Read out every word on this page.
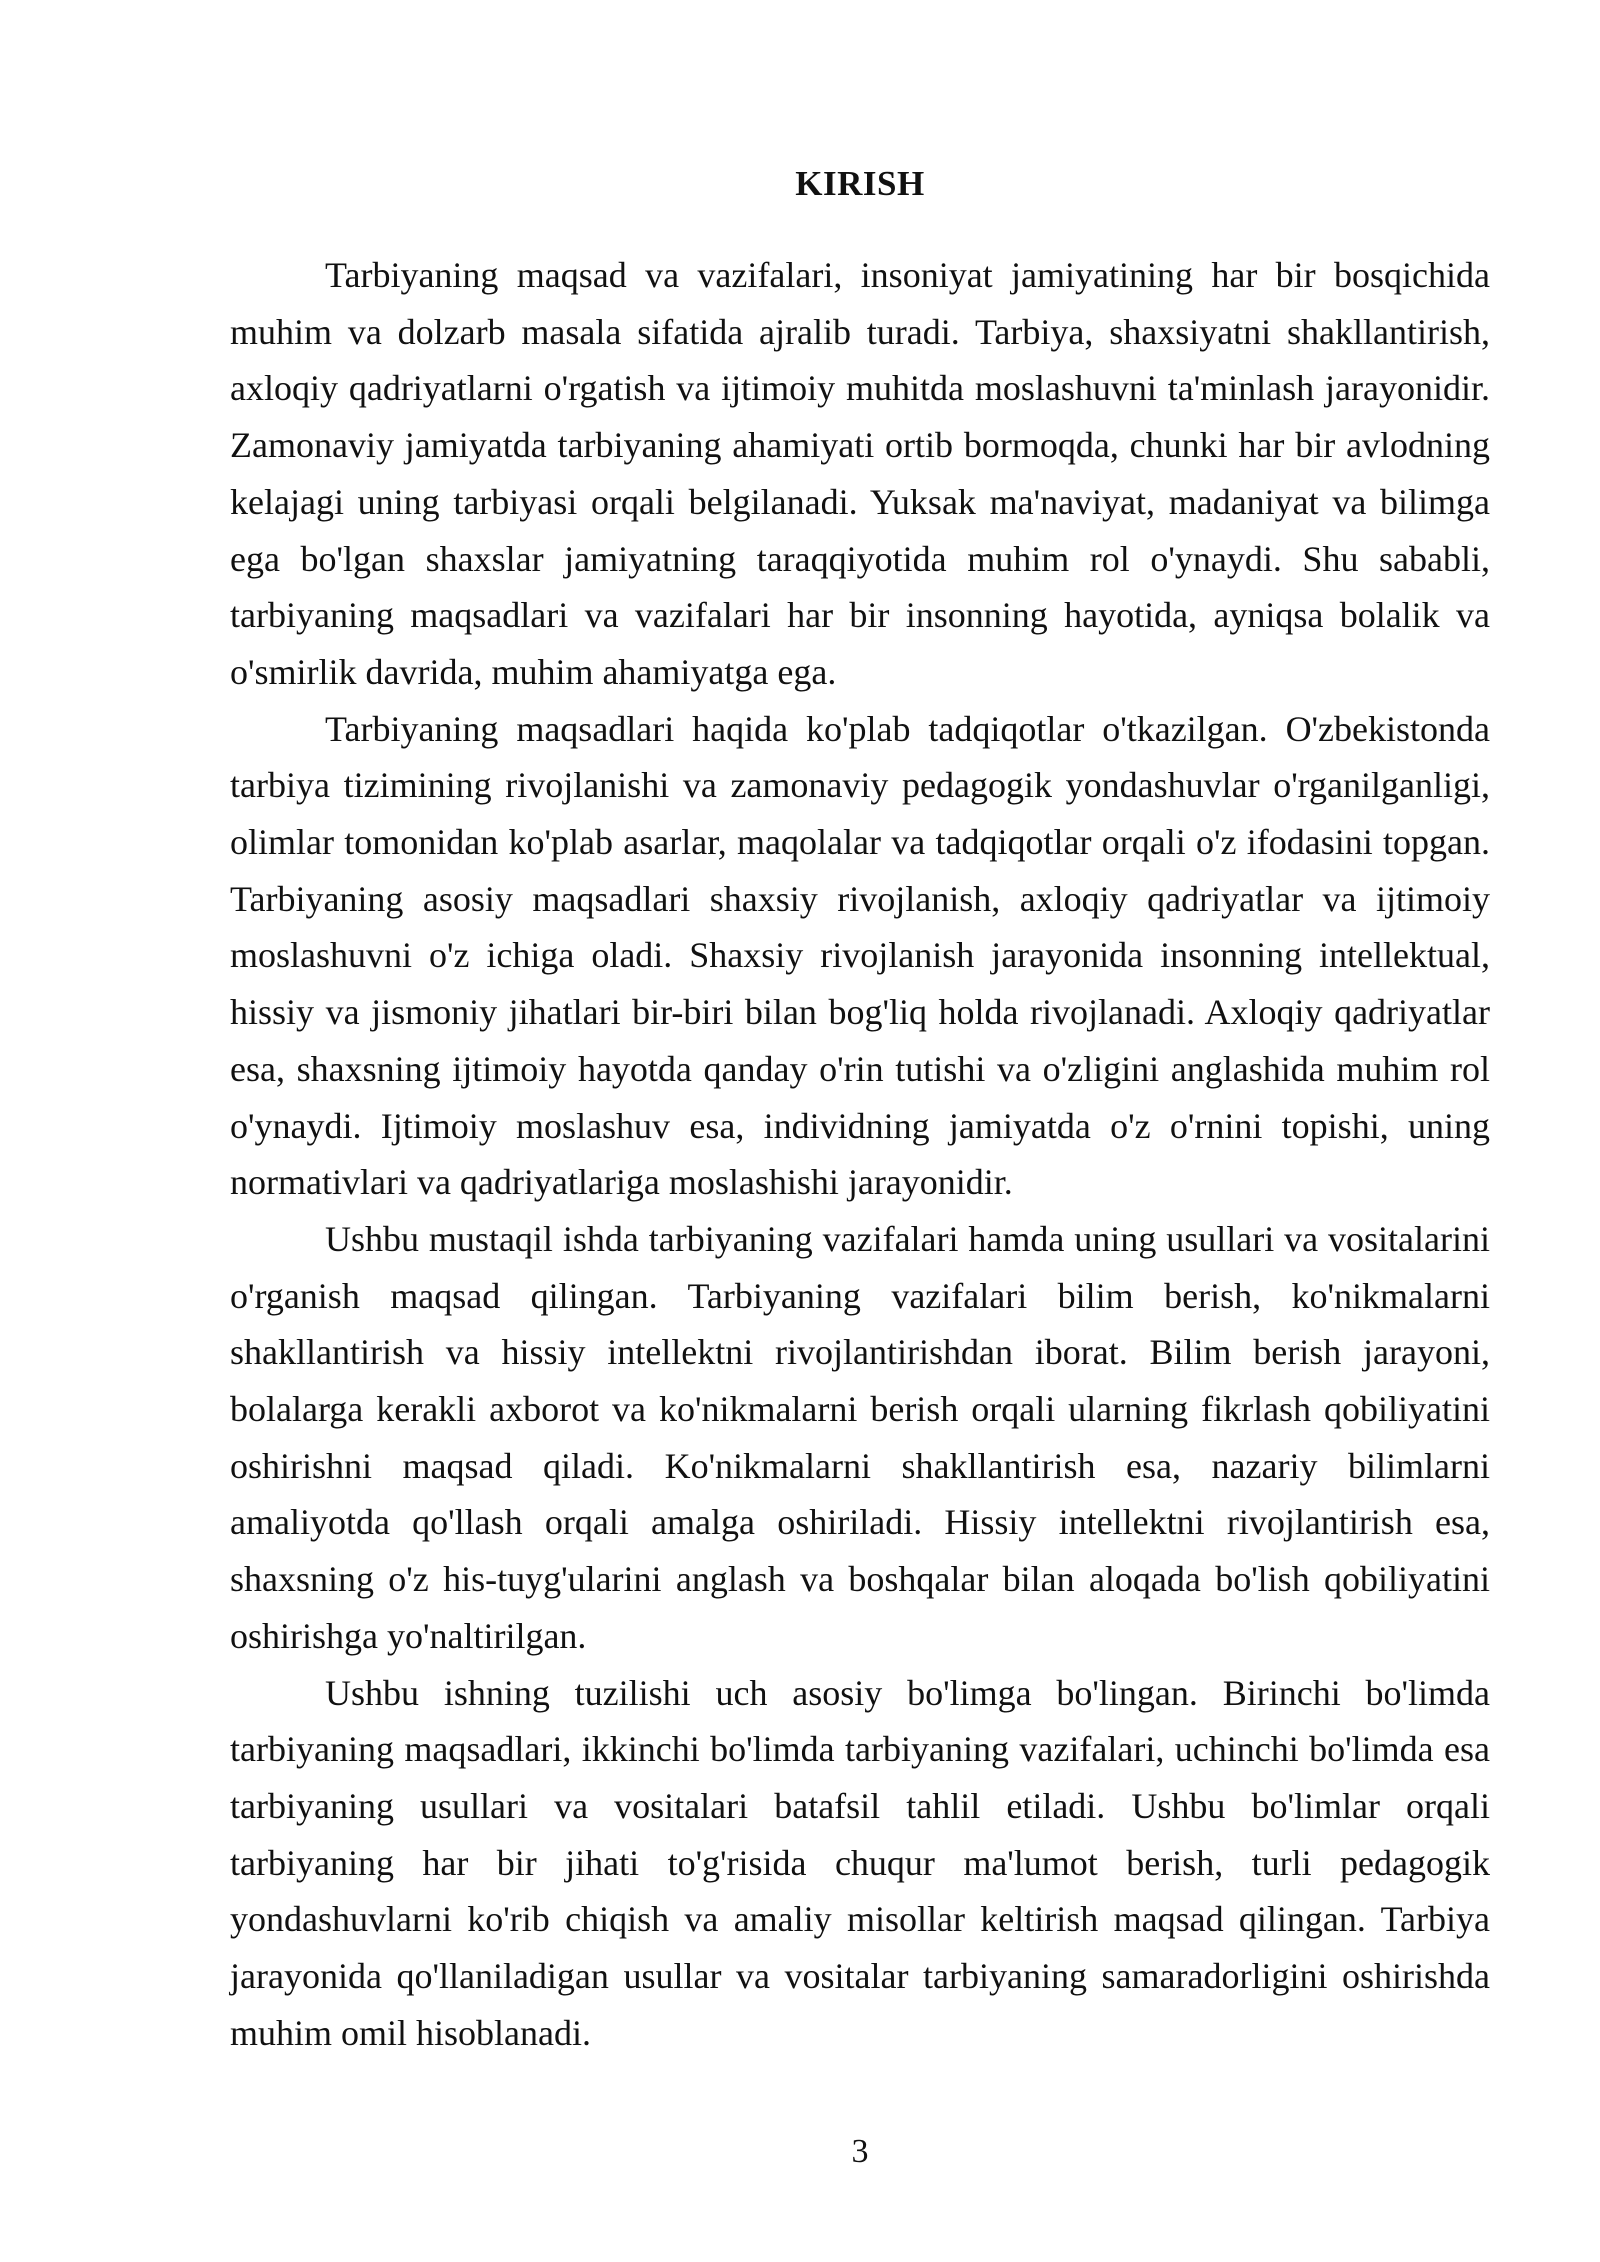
KIRISH

Tarbiyaning maqsad va vazifalari, insoniyat jamiyatining har bir bosqichida muhim va dolzarb masala sifatida ajralib turadi. Tarbiya, shaxsiyatni shakllantirish, axloqiy qadriyatlarni o'rgatish va ijtimoiy muhitda moslashuvni ta'minlash jarayonidir. Zamonaviy jamiyatda tarbiyaning ahamiyati ortib bormoqda, chunki har bir avlodning kelajagi uning tarbiyasi orqali belgilanadi. Yuksak ma'naviyat, madaniyat va bilimga ega bo'lgan shaxslar jamiyatning taraqqiyotida muhim rol o'ynaydi. Shu sababli, tarbiyaning maqsadlari va vazifalari har bir insonning hayotida, ayniqsa bolalik va o'smirlik davrida, muhim ahamiyatga ega.

Tarbiyaning maqsadlari haqida ko'plab tadqiqotlar o'tkazilgan. O'zbekistonda tarbiya tizimining rivojlanishi va zamonaviy pedagogik yondashuvlar o'rganilganligi, olimlar tomonidan ko'plab asarlar, maqolalar va tadqiqotlar orqali o'z ifodasini topgan. Tarbiyaning asosiy maqsadlari shaxsiy rivojlanish, axloqiy qadriyatlar va ijtimoiy moslashuvni o'z ichiga oladi. Shaxsiy rivojlanish jarayonida insonning intellektual, hissiy va jismoniy jihatlari bir-biri bilan bog'liq holda rivojlanadi. Axloqiy qadriyatlar esa, shaxsning ijtimoiy hayotda qanday o'rin tutishi va o'zligini anglashida muhim rol o'ynaydi. Ijtimoiy moslashuv esa, individning jamiyatda o'z o'rnini topishi, uning normativlari va qadriyatlariga moslashishi jarayonidir.

Ushbu mustaqil ishda tarbiyaning vazifalari hamda uning usullari va vositalarini o'rganish maqsad qilingan. Tarbiyaning vazifalari bilim berish, ko'nikmalarni shakllantirish va hissiy intellektni rivojlantirishdan iborat. Bilim berish jarayoni, bolalarga kerakli axborot va ko'nikmalarni berish orqali ularning fikrlash qobiliyatini oshirishni maqsad qiladi. Ko'nikmalarni shakllantirish esa, nazariy bilimlarni amaliyotda qo'llash orqali amalga oshiriladi. Hissiy intellektni rivojlantirish esa, shaxsning o'z his-tuyg'ularini anglash va boshqalar bilan aloqada bo'lish qobiliyatini oshirishga yo'naltirilgan.

Ushbu ishning tuzilishi uch asosiy bo'limga bo'lingan. Birinchi bo'limda tarbiyaning maqsadlari, ikkinchi bo'limda tarbiyaning vazifalari, uchinchi bo'limda esa tarbiyaning usullari va vositalari batafsil tahlil etiladi. Ushbu bo'limlar orqali tarbiyaning har bir jihati to'g'risida chuqur ma'lumot berish, turli pedagogik yondashuvlarni ko'rib chiqish va amaliy misollar keltirish maqsad qilingan. Tarbiya jarayonida qo'llaniladigan usullar va vositalar tarbiyaning samaradorligini oshirishda muhim omil hisoblanadi.

3
